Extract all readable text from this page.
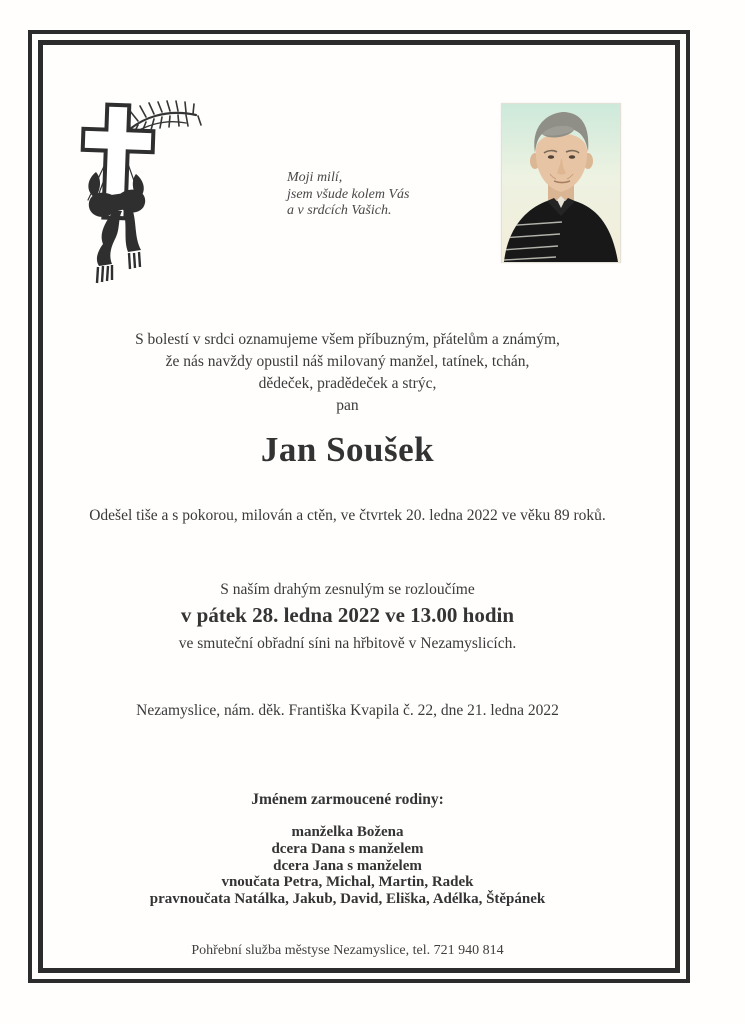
Moji milí,
jsem všude kolem Vás
a v srdcích Vašich.
S bolestí v srdci oznamujeme všem příbuzným, přátelům a známým,
že nás navždy opustil náš milovaný manžel, tatínek, tchán,
dědeček, pradědeček a strýc,
pan
Jan Soušek
Odešel tiše a s pokorou, milován a ctěn, ve čtvrtek 20. ledna 2022 ve věku 89 roků.
S naším drahým zesnulým se rozloučíme
v pátek 28. ledna 2022 ve 13.00 hodin
ve smuteční obřadní síni na hřbitově v Nezamyslicích.
Nezamyslice, nám. děk. Františka Kvapila č. 22, dne 21. ledna 2022
Jménem zarmoucené rodiny:
manželka Božena
dcera Dana s manželem
dcera Jana s manželem
vnoučata Petra, Michal, Martin, Radek
pravnoučata Natálka, Jakub, David, Eliška, Adélka, Štěpánek
Pohřební služba městyse Nezamyslice, tel. 721 940 814
